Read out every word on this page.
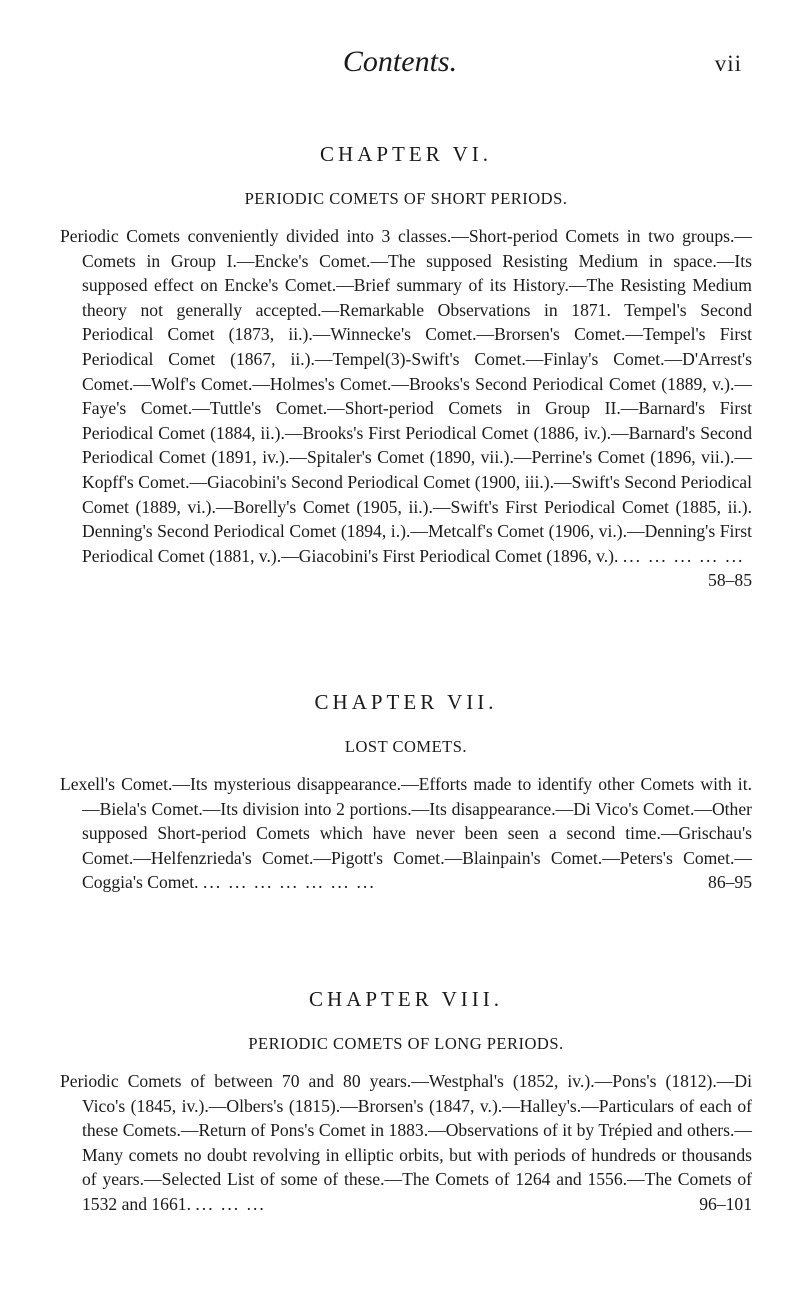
Contents.	vii
CHAPTER VI.
PERIODIC COMETS OF SHORT PERIODS.

Periodic Comets conveniently divided into 3 classes.—Short-period Comets in two groups.—Comets in Group I.—Encke's Comet.—The supposed Resisting Medium in space.—Its supposed effect on Encke's Comet.—Brief summary of its History.—The Resisting Medium theory not generally accepted.—Remarkable Observations in 1871. Tempel's Second Periodical Comet (1873, ii.).—Winnecke's Comet.—Brorsen's Comet.—Tempel's First Periodical Comet (1867, ii.).—Tempel(3)-Swift's Comet.—Finlay's Comet.—D'Arrest's Comet.—Wolf's Comet.—Holmes's Comet.—Brooks's Second Periodical Comet (1889, v.).—Faye's Comet.—Tuttle's Comet.—Short-period Comets in Group II.—Barnard's First Periodical Comet (1884, ii.).—Brooks's First Periodical Comet (1886, iv.).—Barnard's Second Periodical Comet (1891, iv.).—Spitaler's Comet (1890, vii.).—Perrine's Comet (1896, vii.).—Kopff's Comet.—Giacobini's Second Periodical Comet (1900, iii.).—Swift's Second Periodical Comet (1889, vi.).—Borelly's Comet (1905, ii.).—Swift's First Periodical Comet (1885, ii.). Denning's Second Periodical Comet (1894, i.).—Metcalf's Comet (1906, vi.).—Denning's First Periodical Comet (1881, v.).—Giacobini's First Periodical Comet (1896, v.). ... ... ... ... ...
58–85

CHAPTER VII.
LOST COMETS.

Lexell's Comet.—Its mysterious disappearance.—Efforts made to identify other Comets with it.—Biela's Comet.—Its division into 2 portions.—Its disappearance.—Di Vico's Comet.—Other supposed Short-period Comets which have never been seen a second time.—Grischau's Comet.—Helfenzrieda's Comet.—Pigott's Comet.—Blainpain's Comet.—Peters's Comet.—Coggia's Comet. ... ... ... ... ... ... ...	86–95

CHAPTER VIII.
PERIODIC COMETS OF LONG PERIODS.

Periodic Comets of between 70 and 80 years.—Westphal's (1852, iv.).—Pons's (1812).—Di Vico's (1845, iv.).—Olbers's (1815).—Brorsen's (1847, v.).—Halley's.—Particulars of each of these Comets.—Return of Pons's Comet in 1883.—Observations of it by Trépied and others.—Many comets no doubt revolving in elliptic orbits, but with periods of hundreds or thousands of years.—Selected List of some of these.—The Comets of 1264 and 1556.—The Comets of 1532 and 1661. ... ... ...	96–101
